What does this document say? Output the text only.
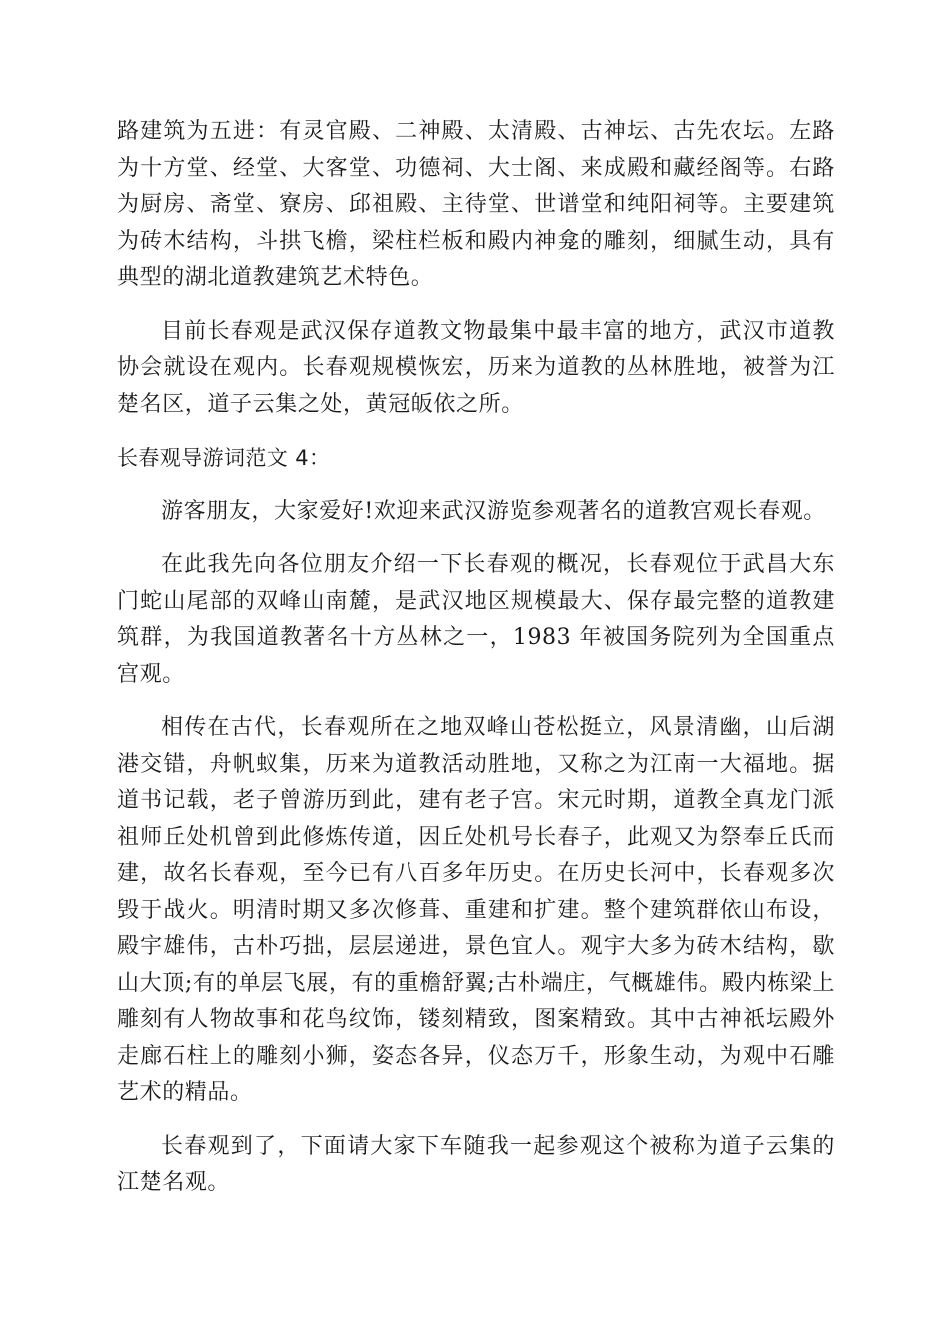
路建筑为五进：有灵官殿、二神殿、太清殿、古神坛、古先农坛。左路为十方堂、经堂、大客堂、功德祠、大士阁、来成殿和藏经阁等。右路为厨房、斋堂、寮房、邱祖殿、主待堂、世谱堂和纯阳祠等。主要建筑为砖木结构，斗拱飞檐，梁柱栏板和殿内神龛的雕刻，细腻生动，具有典型的湖北道教建筑艺术特色。

目前长春观是武汉保存道教文物最集中最丰富的地方，武汉市道教协会就设在观内。长春观规模恢宏，历来为道教的丛林胜地，被誉为江楚名区，道子云集之处，黄冠皈依之所。

长春观导游词范文 4：

游客朋友，大家爱好!欢迎来武汉游览参观著名的道教宫观长春观。

在此我先向各位朋友介绍一下长春观的概况，长春观位于武昌大东门蛇山尾部的双峰山南麓，是武汉地区规模最大、保存最完整的道教建筑群，为我国道教著名十方丛林之一，1983 年被国务院列为全国重点宫观。

相传在古代，长春观所在之地双峰山苍松挺立，风景清幽，山后湖港交错，舟帆蚁集，历来为道教活动胜地，又称之为江南一大福地。据道书记载，老子曾游历到此，建有老子宫。宋元时期，道教全真龙门派祖师丘处机曾到此修炼传道，因丘处机号长春子，此观又为祭奉丘氏而建，故名长春观，至今已有八百多年历史。在历史长河中，长春观多次毁于战火。明清时期又多次修葺、重建和扩建。整个建筑群依山布设，殿宇雄伟，古朴巧拙，层层递进，景色宜人。观宇大多为砖木结构，歇山大顶;有的单层飞展，有的重檐舒翼;古朴端庄，气概雄伟。殿内栋梁上雕刻有人物故事和花鸟纹饰，镂刻精致，图案精致。其中古神祇坛殿外走廊石柱上的雕刻小狮，姿态各异，仪态万千，形象生动，为观中石雕艺术的精品。

长春观到了，下面请大家下车随我一起参观这个被称为道子云集的江楚名观。
